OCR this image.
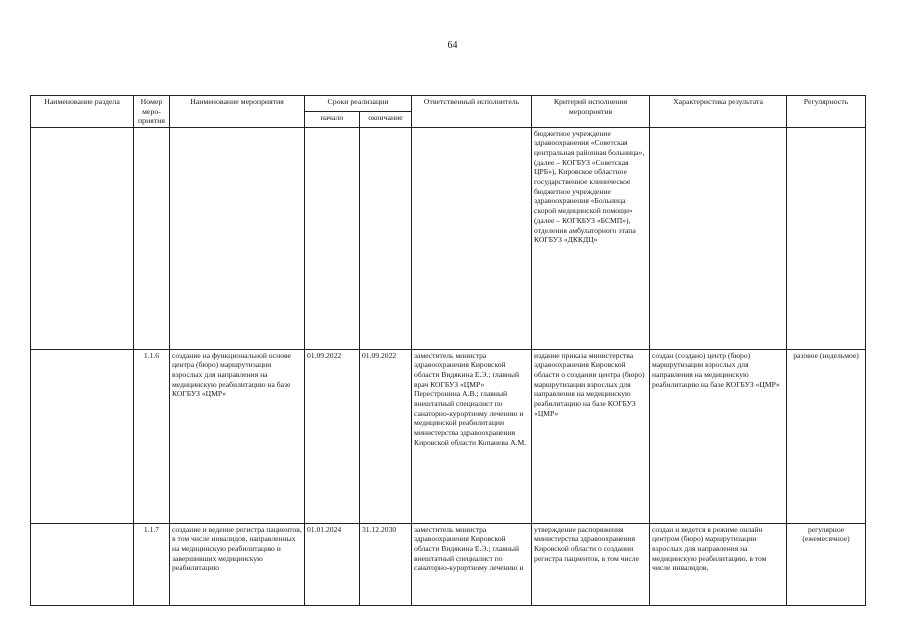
64
Наименование раздела	Номер меро-приятия	Наименование мероприятия	Сроки реализации		Ответственный исполнитель	Критерий исполнения мероприятия	Характеристика результата	Регулярность
			начало	окончание				
						бюджетное учреждение здравоохранения «Советская центральная районная больница», (далее – КОГБУЗ «Советская ЦРБ»), Кировское областное государственное клиническое бюджетное учреждение здравоохранения «Больница скорой медицинской помощи» (далее – КОГКБУЗ «БСМП»), отделения амбулаторного этапа КОГБУЗ «ДККДЦ»		
	1.1.6	создание на функциональной основе центра (бюро) маршрутизации взрослых для направления на медицинскую реабилитацию на базе КОГБУЗ «ЦМР»	01.09.2022	01.09.2022	заместитель министра здравоохранения Кировской области Видякина Е.Э.; главный врач КОГБУЗ «ЦМР» Перестронина А.В.; главный внештатный специалист по санаторно-курортному лечению и медицинской реабилитации министерства здравоохранения Кировской области Копанева А.М.	издание приказа министерства здравоохранения Кировской области о создании центра (бюро) маршрутизации взрослых для направления на медицинскую реабилитацию на базе КОГБУЗ «ЦМР»	создан (создано) центр (бюро) маршрутизации взрослых для направления на медицинскую реабилитацию на базе КОГБУЗ «ЦМР»	разовое (недельмое)
	1.1.7	создание и ведение регистра пациентов, в том числе инвалидов, направленных на медицинскую реабилитацию и завершивших медицинскую реабилитацию	01.01.2024	31.12.2030	заместитель министра здравоохранения Кировской области Видякина Е.Э.; главный внештатный специалист по санаторно-курортному лечению и	утверждение распоряжения министерства здравоохранения Кировской области о создании регистра пациентов, в том числе	создан и ведется в режиме онлайн центром (бюро) маршрутизации взрослых для направления на медицинскую реабилитацию, в том числе инвалидов,	регулярное (ежемесячное)
